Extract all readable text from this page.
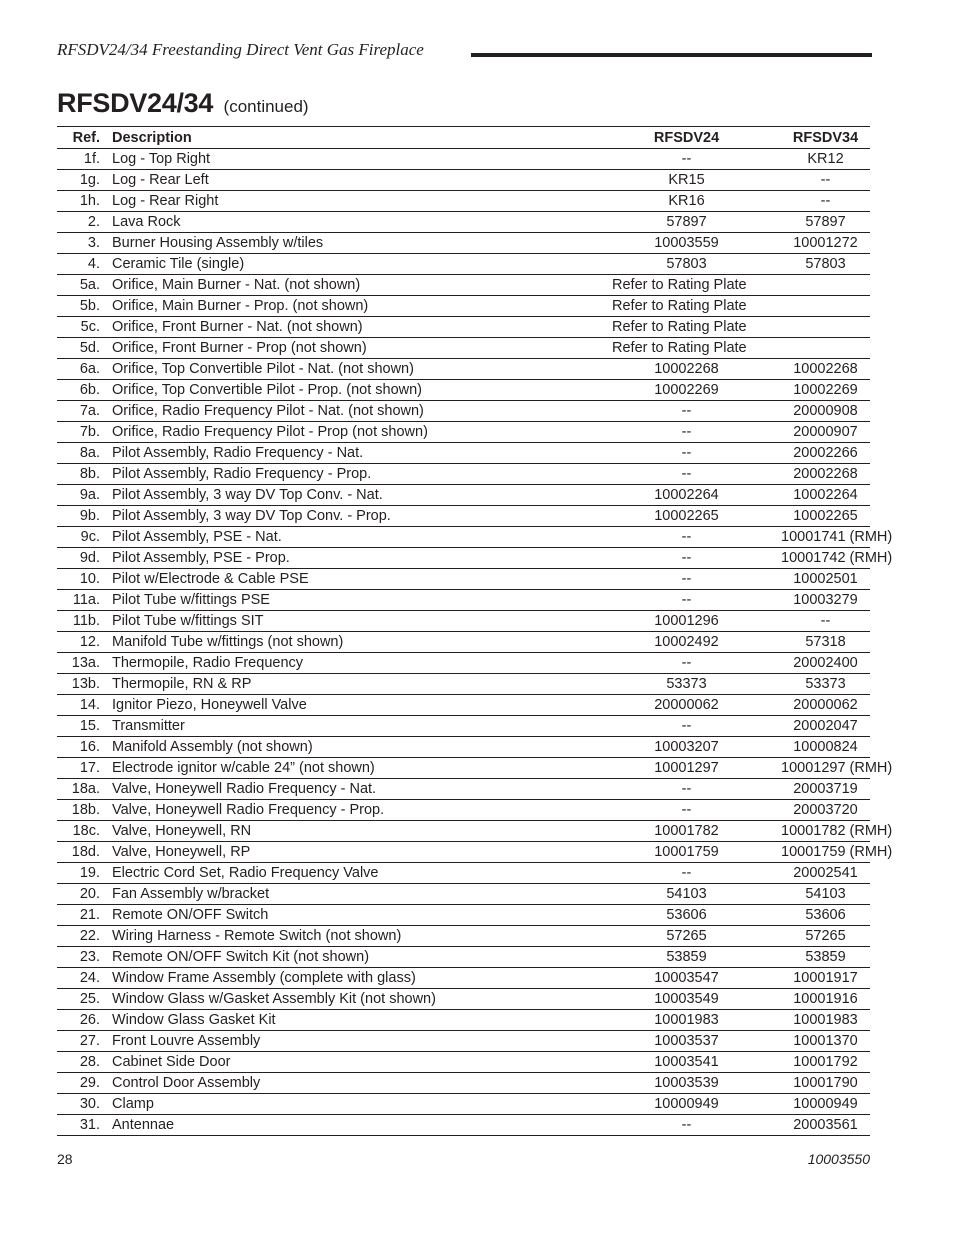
RFSDV24/34 Freestanding Direct Vent Gas Fireplace
RFSDV24/34 (continued)
Ref.	Description	RFSDV24	RFSDV34
1f.	Log - Top Right	--	KR12
1g.	Log - Rear Left	KR15	--
1h.	Log - Rear Right	KR16	--
2.	Lava Rock	57897	57897
3.	Burner Housing Assembly w/tiles	10003559	10001272
4.	Ceramic Tile (single)	57803	57803
5a.	Orifice, Main Burner - Nat. (not shown)	Refer to Rating Plate	
5b.	Orifice, Main Burner - Prop. (not shown)	Refer to Rating Plate	
5c.	Orifice, Front Burner - Nat. (not shown)	Refer to Rating Plate	
5d.	Orifice, Front Burner - Prop (not shown)	Refer to Rating Plate	
6a.	Orifice, Top Convertible Pilot - Nat. (not shown)	10002268	10002268
6b.	Orifice, Top Convertible Pilot - Prop. (not shown)	10002269	10002269
7a.	Orifice, Radio Frequency Pilot - Nat. (not shown)	--	20000908
7b.	Orifice, Radio Frequency Pilot - Prop (not shown)	--	20000907
8a.	Pilot Assembly, Radio Frequency - Nat.	--	20002266
8b.	Pilot Assembly, Radio Frequency - Prop.	--	20002268
9a.	Pilot Assembly, 3 way DV Top Conv. - Nat.	10002264	10002264
9b.	Pilot Assembly, 3 way DV Top Conv. - Prop.	10002265	10002265
9c.	Pilot Assembly, PSE - Nat.	--	10001741 (RMH)
9d.	Pilot Assembly, PSE - Prop.	--	10001742 (RMH)
10.	Pilot w/Electrode & Cable PSE	--	10002501
11a.	Pilot Tube w/fittings PSE	--	10003279
11b.	Pilot Tube w/fittings SIT	10001296	--
12.	Manifold Tube w/fittings (not shown)	10002492	57318
13a.	Thermopile, Radio Frequency	--	20002400
13b.	Thermopile, RN & RP	53373	53373
14.	Ignitor Piezo, Honeywell Valve	20000062	20000062
15.	Transmitter	--	20002047
16.	Manifold Assembly (not shown)	10003207	10000824
17.	Electrode ignitor w/cable 24” (not shown)	10001297	10001297 (RMH)
18a.	Valve, Honeywell Radio Frequency - Nat.	--	20003719
18b.	Valve, Honeywell Radio Frequency - Prop.	--	20003720
18c.	Valve, Honeywell, RN	10001782	10001782 (RMH)
18d.	Valve, Honeywell, RP	10001759	10001759 (RMH)
19.	Electric Cord Set, Radio Frequency Valve	--	20002541
20.	Fan Assembly w/bracket	54103	54103
21.	Remote ON/OFF Switch	53606	53606
22.	Wiring Harness - Remote Switch (not shown)	57265	57265
23.	Remote ON/OFF Switch Kit (not shown)	53859	53859
24.	Window Frame Assembly (complete with glass)	10003547	10001917
25.	Window Glass w/Gasket Assembly Kit (not shown)	10003549	10001916
26.	Window Glass Gasket Kit	10001983	10001983
27.	Front Louvre Assembly	10003537	10001370
28.	Cabinet Side Door	10003541	10001792
29.	Control Door Assembly	10003539	10001790
30.	Clamp	10000949	10000949
31.	Antennae	--	20003561
28	10003550
